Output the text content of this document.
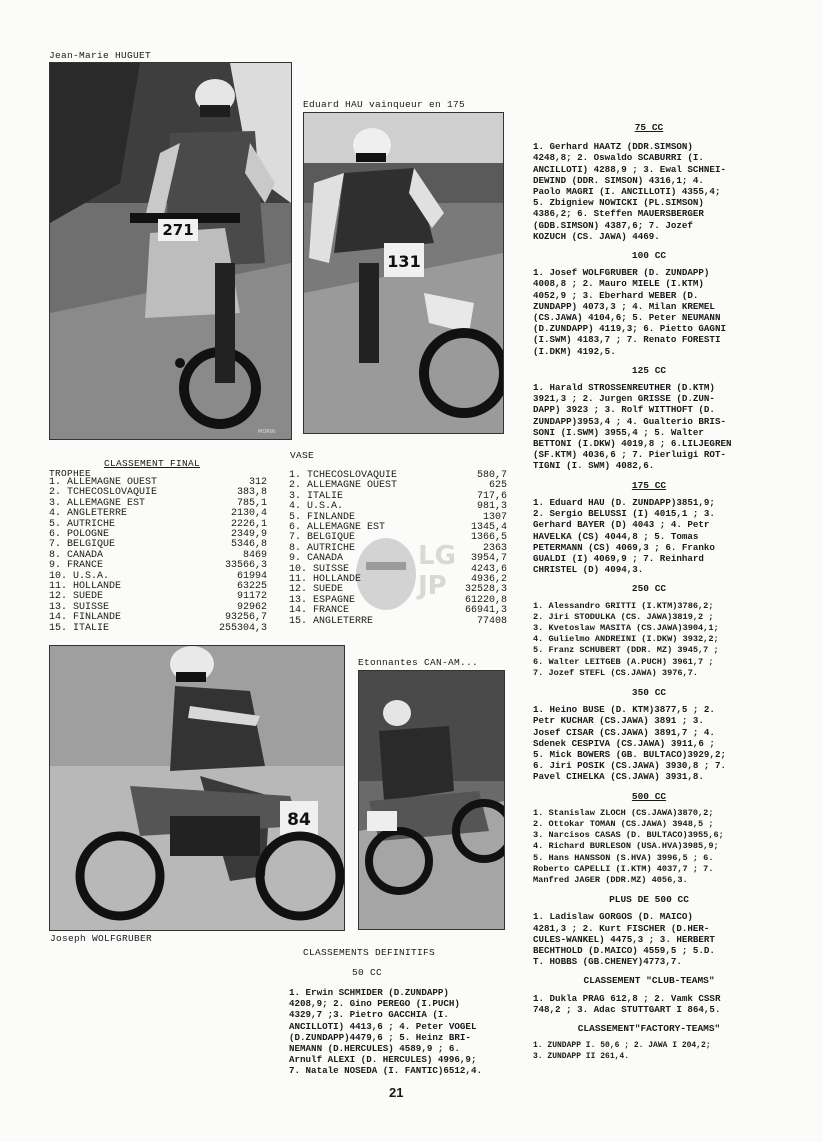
Jean-Marie HUGUET
Eduard HAU vainqueur en 175
Joseph WOLFGRUBER
Etonnantes CAN-AM...
271
MORIN
131
84
LG
JP
CLASSEMENT FINAL
TROPHEE
VASE
1. ALLEMAGNE OUEST	312
2. TCHECOSLOVAQUIE	383,8
3. ALLEMAGNE EST	785,1
4. ANGLETERRE	2130,4
5. AUTRICHE	2226,1
6. POLOGNE	2349,9
7. BELGIQUE	5346,8
8. CANADA	8469
9. FRANCE	33566,3
10. U.S.A.	61994
11. HOLLANDE	63225
12. SUEDE	91172
13. SUISSE	92962
14. FINLANDE	93256,7
15. ITALIE	255304,3
1. TCHECOSLOVAQUIE	580,7
2. ALLEMAGNE OUEST	625
3. ITALIE	717,6
4. U.S.A.	981,3
5. FINLANDE	1307
6. ALLEMAGNE EST	1345,4
7. BELGIQUE	1366,5
8. AUTRICHE	2363
9. CANADA	3954,7
10. SUISSE	4243,6
11. HOLLANDE	4936,2
12. SUEDE	32528,3
13. ESPAGNE	61220,8
14. FRANCE	66941,3
15. ANGLETERRE	77408
CLASSEMENTS DEFINITIFS
50 CC
1. Erwin SCHMIDER (D.ZUNDAPP)
4208,9; 2. Gino PEREGO (I.PUCH)
4329,7 ;3. Pietro GACCHIA (I.
ANCILLOTI) 4413,6 ; 4. Peter VOGEL
(D.ZUNDAPP)4479,6 ; 5. Heinz BRI-
NEMANN (D.HERCULES) 4589,9 ; 6.
Arnulf ALEXI (D. HERCULES) 4996,9;
7. Natale NOSEDA (I. FANTIC)6512,4.

75 CC

1. Gerhard HAATZ (DDR.SIMSON)
4248,8; 2. Oswaldo SCABURRI (I.
ANCILLOTI) 4288,9 ; 3. Ewal SCHNEI-
DEWIND (DDR. SIMSON) 4316,1; 4.
Paolo MAGRI (I. ANCILLOTI) 4355,4;
5. Zbigniew NOWICKI (PL.SIMSON)
4386,2; 6. Steffen MAUERSBERGER
(GDB.SIMSON) 4387,6; 7. Jozef
KOZUCH (CS. JAWA) 4469.

100 CC

1. Josef WOLFGRUBER (D. ZUNDAPP)
4008,8 ; 2. Mauro MIELE (I.KTM)
4052,9 ; 3. Eberhard WEBER (D.
ZUNDAPP) 4073,3 ; 4. Milan KREMEL
(CS.JAWA) 4104,6; 5. Peter NEUMANN
(D.ZUNDAPP) 4119,3; 6. Pietto GAGNI
(I.SWM) 4183,7 ; 7. Renato FORESTI
(I.DKM) 4192,5.

125 CC

1. Harald STROSSENREUTHER (D.KTM)
3921,3 ; 2. Jurgen GRISSE (D.ZUN-
DAPP) 3923 ; 3. Rolf WITTHOFT (D.
ZUNDAPP)3953,4 ; 4. Gualterio BRIS-
SONI (I.SWM) 3955,4 ; 5. Walter
BETTONI (I.DKW) 4019,8 ; 6.LILJEGREN
(SF.KTM) 4036,6 ; 7. Pierluigi ROT-
TIGNI (I. SWM) 4082,6.

175 CC

1. Eduard HAU (D. ZUNDAPP)3851,9;
2. Sergio BELUSSI (I) 4015,1 ; 3.
Gerhard BAYER (D) 4043 ; 4. Petr
HAVELKA (CS) 4044,8 ; 5. Tomas
PETERMANN (CS) 4069,3 ; 6. Franko
GUALDI (I) 4069,9 ; 7. Reinhard
CHRISTEL (D) 4094,3.

250 CC

1. Alessandro GRITTI (I.KTM)3786,2;
2. Jiri STODULKA (CS. JAWA)3819,2 ;
3. Kvetoslaw MASITA (CS.JAWA)3904,1;
4. Gulielmo ANDREINI (I.DKW) 3932,2;
5. Franz SCHUBERT (DDR. MZ) 3945,7 ;
6. Walter LEITGEB (A.PUCH) 3961,7 ;
7. Jozef STEFL (CS.JAWA) 3976,7.

350 CC

1. Heino BUSE (D. KTM)3877,5 ; 2.
Petr KUCHAR (CS.JAWA) 3891 ; 3.
Josef CISAR (CS.JAWA) 3891,7 ; 4.
Sdenek CESPIVA (CS.JAWA) 3911,6 ;
5. Mick BOWERS (GB. BULTACO)3929,2;
6. Jiri POSIK (CS.JAWA) 3930,8 ; 7.
Pavel CIHELKA (CS.JAWA) 3931,8.

500 CC

1. Stanislaw ZLOCH (CS.JAWA)3870,2;
2. Ottokar TOMAN (CS.JAWA) 3948,5 ;
3. Narcisos CASAS (D. BULTACO)3955,6;
4. Richard BURLESON (USA.HVA)3985,9;
5. Hans HANSSON (S.HVA) 3996,5 ; 6.
Roberto CAPELLI (I.KTM) 4037,7 ; 7.
Manfred JAGER (DDR.MZ) 4056,3.

PLUS DE 500 CC

1. Ladislaw GORGOS (D. MAICO)
4281,3 ; 2. Kurt FISCHER (D.HER-
CULES-WANKEL) 4475,3 ; 3. HERBERT
BECHTHOLD (D.MAICO) 4559,5 ; 5.D.
T. HOBBS (GB.CHENEY)4773,7.

CLASSEMENT "CLUB-TEAMS"

1. Dukla PRAG 612,8 ; 2. Vamk CSSR
748,2 ; 3. Adac STUTTGART I 864,5.

CLASSEMENT"FACTORY-TEAMS"

1. ZUNDAPP I. 50,6 ; 2. JAWA I 204,2;
3. ZUNDAPP II 261,4.

21
